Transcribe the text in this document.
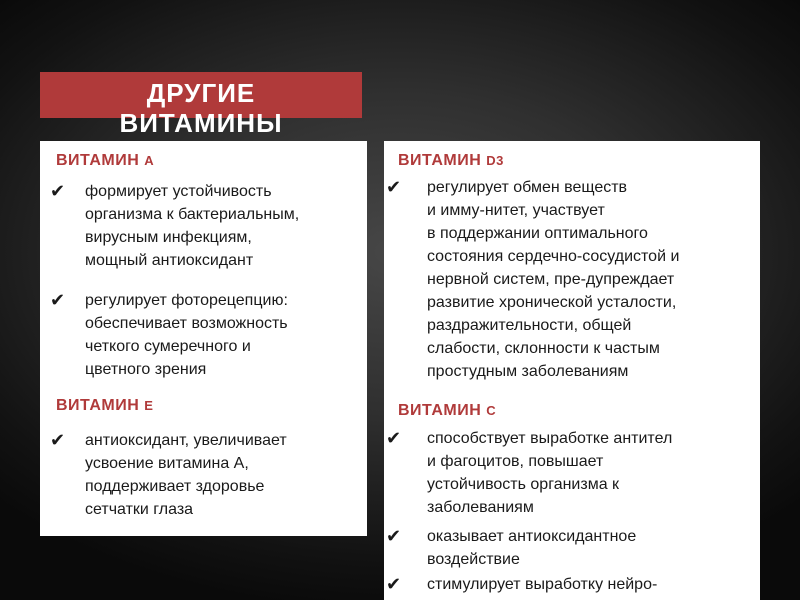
ДРУГИЕ

ВИТАМИНЫ

ВИТАМИН А
✔ формирует устойчивость

организма к бактериальным,

вирусным инфекциям,

мощный антиоксидант

✔ регулирует фоторецепцию:

обеспечивает возможность

четкого сумеречного и

цветного зрения

ВИТАМИН Е
✔ антиоксидант, увеличивает

усвоение витамина А,

поддерживает здоровье

сетчатки глаза

ВИТАМИН D3
✔ регулирует обмен веществ

и имму-нитет, участвует

в поддержании оптимального

состояния сердечно-сосудистой и

нервной систем, пре-дупреждает

развитие хронической усталости,

раздражительности, общей

слабости, склонности к частым

простудным заболеваниям

ВИТАМИН С
✔ способствует выработке антител

и фагоцитов, повышает

устойчивость организма к

заболеваниям

✔ оказывает антиоксидантное

воздействие

✔ стимулирует выработку нейро-
